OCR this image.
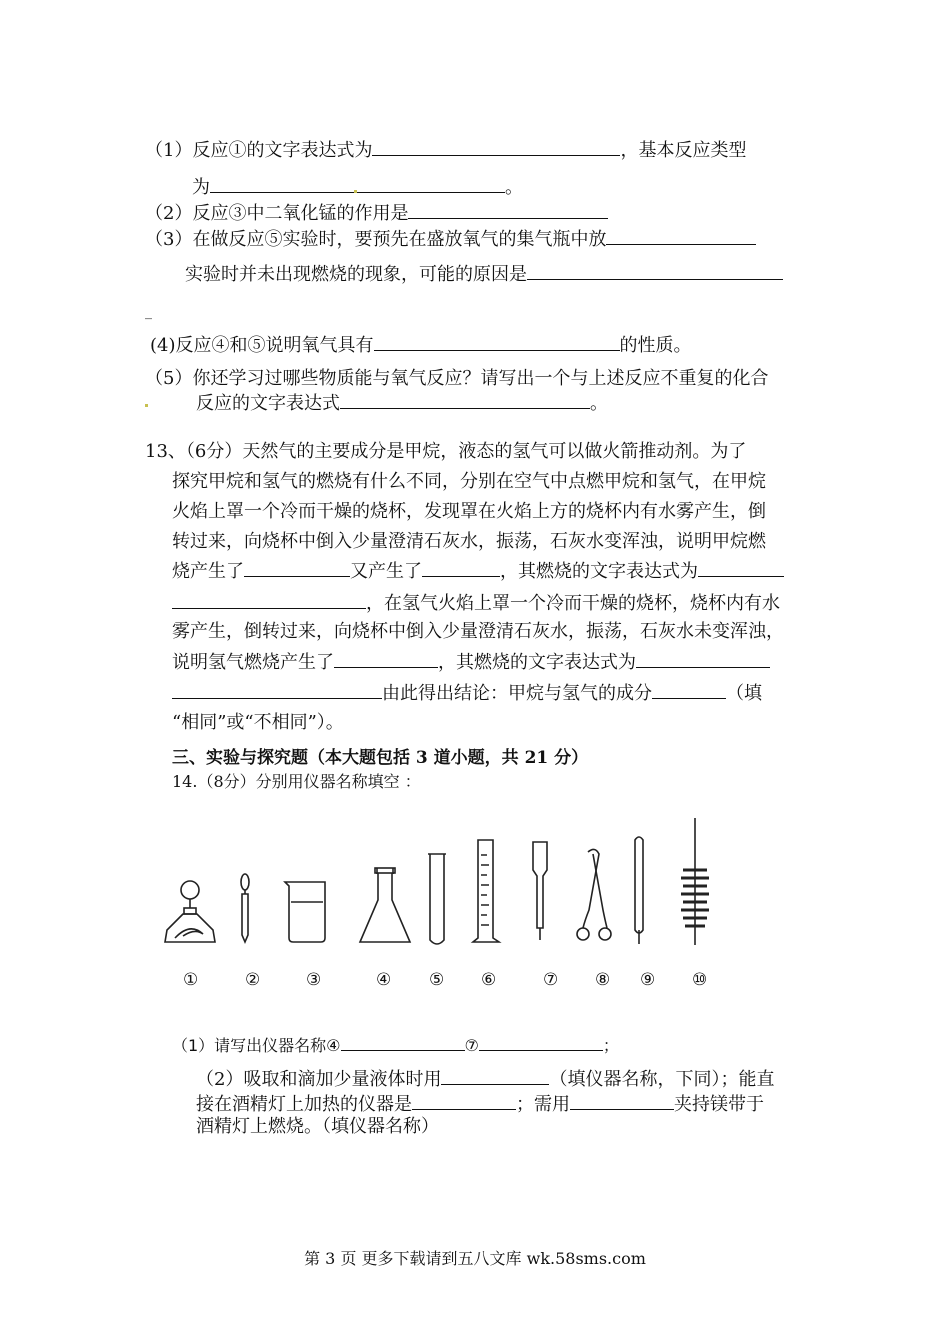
（1）反应①的文字表达式为	，基本反应类型
为	。
（2）反应③中二氧化锰的作用是
（3）在做反应⑤实验时，要预先在盛放氧气的集气瓶中放
实验时并未出现燃烧的现象，可能的原因是
_
(4)反应④和⑤说明氧气具有	的性质。
（5）你还学习过哪些物质能与氧气反应？请写出一个与上述反应不重复的化合
反应的文字表达式	。
13、（6分）天然气的主要成分是甲烷，液态的氢气可以做火箭推动剂。为了
探究甲烷和氢气的燃烧有什么不同，分别在空气中点燃甲烷和氢气，在甲烷
火焰上罩一个冷而干燥的烧杯，发现罩在火焰上方的烧杯内有水雾产生，倒
转过来，向烧杯中倒入少量澄清石灰水，振荡，石灰水变浑浊，说明甲烷燃
烧产生了	又产生了	，其燃烧的文字表达式为
，在氢气火焰上罩一个冷而干燥的烧杯，烧杯内有水
雾产生，倒转过来，向烧杯中倒入少量澄清石灰水，振荡，石灰水未变浑浊，
说明氢气燃烧产生了	，其燃烧的文字表达式为
由此得出结论：甲烷与氢气的成分	（填
“相同”或“不相同”）。
三、实验与探究题（本大题包括 3 道小题，共 21 分）
14.（8分）分别用仪器名称填空 ：
①	②	③	④ ⑤ ⑥	⑦ ⑧ ⑨ ⑩
（1）请写出仪器名称④	⑦	；
（2）吸取和滴加少量液体时用	（填仪器名称，下同）；能直
接在酒精灯上加热的仪器是	；需用	夹持镁带于
酒精灯上燃烧。（填仪器名称）
第 3 页 更多下载请到五八文库 wk.58sms.com
